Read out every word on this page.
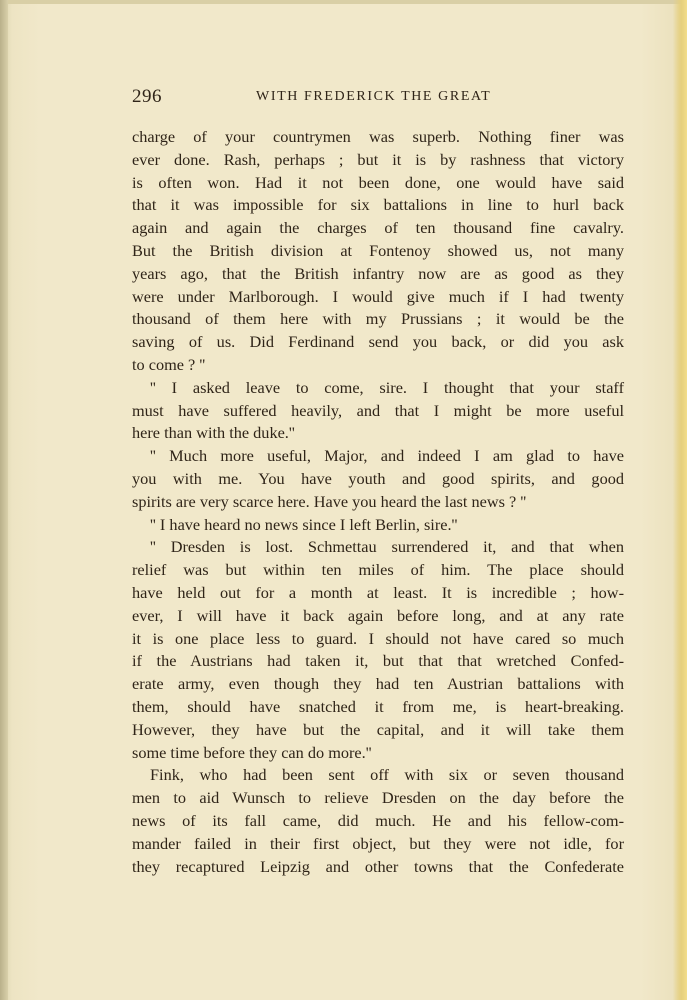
296	WITH FREDERICK THE GREAT
charge of your countrymen was superb. Nothing finer was
ever done. Rash, perhaps ; but it is by rashness that victory
is often won. Had it not been done, one would have said
that it was impossible for six battalions in line to hurl back
again and again the charges of ten thousand fine cavalry.
But the British division at Fontenoy showed us, not many
years ago, that the British infantry now are as good as they
were under Marlborough. I would give much if I had twenty
thousand of them here with my Prussians ; it would be the
saving of us. Did Ferdinand send you back, or did you ask
to come ? ''
'' I asked leave to come, sire. I thought that your staff
must have suffered heavily, and that I might be more useful
here than with the duke.''
'' Much more useful, Major, and indeed I am glad to have
you with me. You have youth and good spirits, and good
spirits are very scarce here. Have you heard the last news ? ''
'' I have heard no news since I left Berlin, sire.''
'' Dresden is lost. Schmettau surrendered it, and that when
relief was but within ten miles of him. The place should
have held out for a month at least. It is incredible ; how-
ever, I will have it back again before long, and at any rate
it is one place less to guard. I should not have cared so much
if the Austrians had taken it, but that that wretched Confed-
erate army, even though they had ten Austrian battalions with
them, should have snatched it from me, is heart-breaking.
However, they have but the capital, and it will take them
some time before they can do more.''
Fink, who had been sent off with six or seven thousand
men to aid Wunsch to relieve Dresden on the day before the
news of its fall came, did much. He and his fellow-com-
mander failed in their first object, but they were not idle, for
they recaptured Leipzig and other towns that the Confederate
